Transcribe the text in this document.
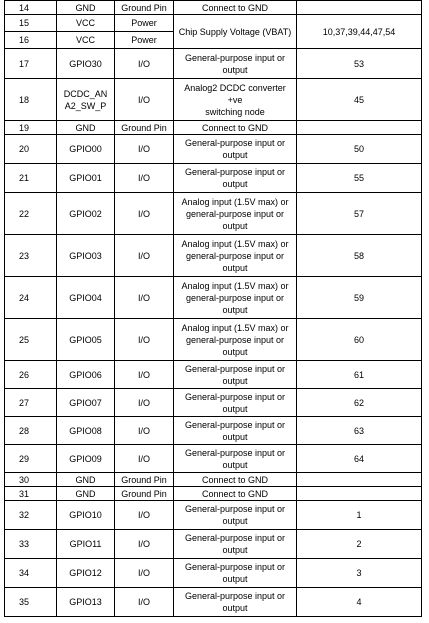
14	GND	Ground Pin	Connect to GND	
15	VCC	Power	Chip Supply Voltage (VBAT)	10,37,39,44,47,54
16	VCC	Power		
17	GPIO30	I/O	General-purpose input or
output	53
18	DCDC_AN
A2_SW_P	I/O	Analog2 DCDC converter
+ve
switching node	45
19	GND	Ground Pin	Connect to GND	
20	GPIO00	I/O	General-purpose input or
output	50
21	GPIO01	I/O	General-purpose input or
output	55
22	GPIO02	I/O	Analog input (1.5V max) or
general-purpose input or
output	57
23	GPIO03	I/O	Analog input (1.5V max) or
general-purpose input or
output	58
24	GPIO04	I/O	Analog input (1.5V max) or
general-purpose input or
output	59
25	GPIO05	I/O	Analog input (1.5V max) or
general-purpose input or
output	60
26	GPIO06	I/O	General-purpose input or
output	61
27	GPIO07	I/O	General-purpose input or
output	62
28	GPIO08	I/O	General-purpose input or
output	63
29	GPIO09	I/O	General-purpose input or
output	64
30	GND	Ground Pin	Connect to GND	
31	GND	Ground Pin	Connect to GND	
32	GPIO10	I/O	General-purpose input or
output	1
33	GPIO11	I/O	General-purpose input or
output	2
34	GPIO12	I/O	General-purpose input or
output	3
35	GPIO13	I/O	General-purpose input or
output	4
